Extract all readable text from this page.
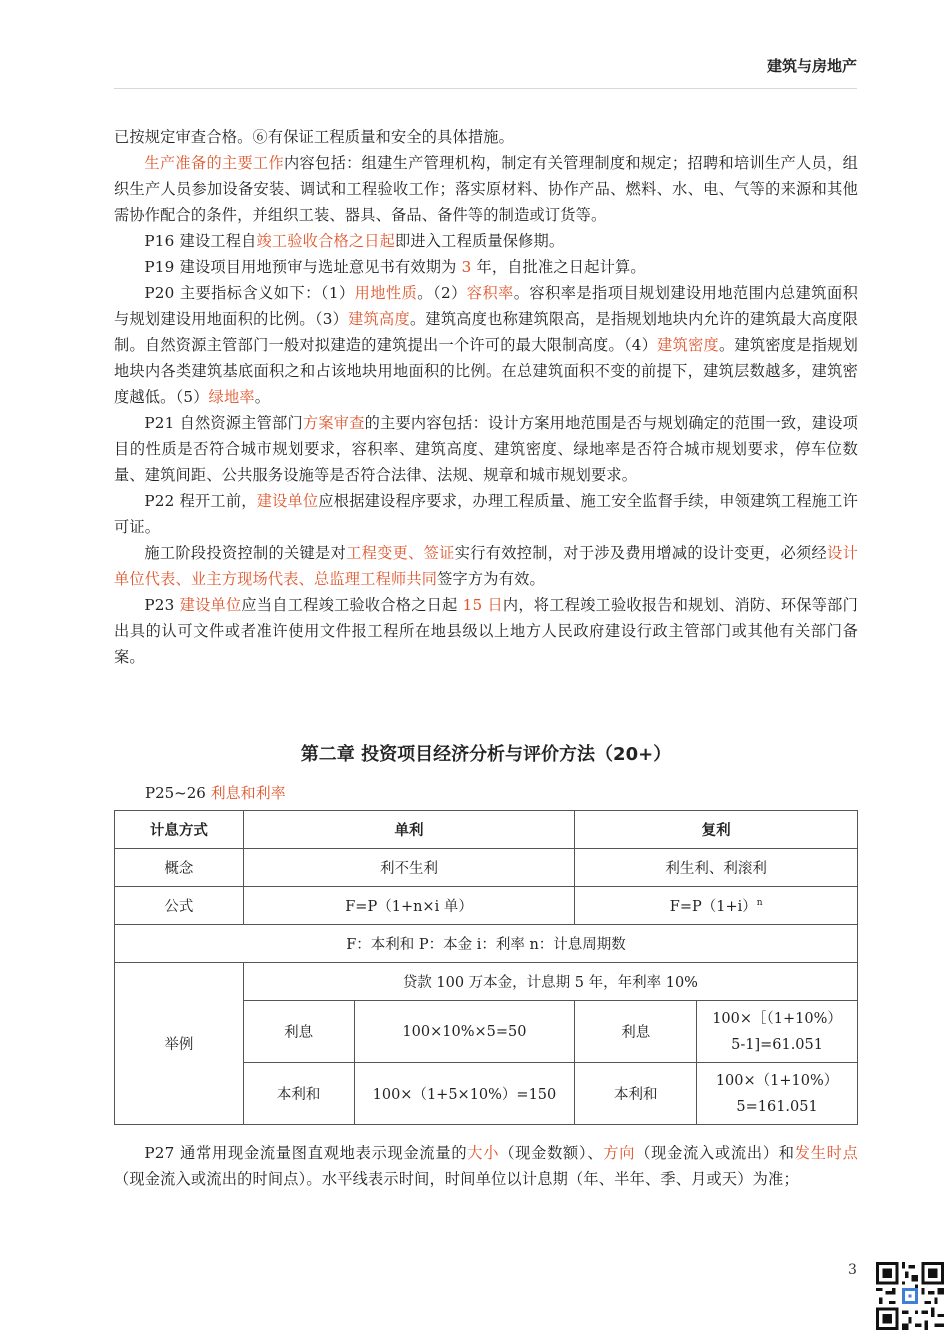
建筑与房地产

已按规定审查合格。⑥有保证工程质量和安全的具体措施。

生产准备的主要工作内容包括：组建生产管理机构，制定有关管理制度和规定；招聘和培训生产人员，组织生产人员参加设备安装、调试和工程验收工作；落实原材料、协作产品、燃料、水、电、气等的来源和其他需协作配合的条件，并组织工装、器具、备品、备件等的制造或订货等。

P16 建设工程自竣工验收合格之日起即进入工程质量保修期。

P19 建设项目用地预审与选址意见书有效期为 3 年，自批准之日起计算。

P20 主要指标含义如下：（1）用地性质。（2）容积率。容积率是指项目规划建设用地范围内总建筑面积与规划建设用地面积的比例。（3）建筑高度。建筑高度也称建筑限高，是指规划地块内允许的建筑最大高度限制。自然资源主管部门一般对拟建造的建筑提出一个许可的最大限制高度。（4）建筑密度。建筑密度是指规划地块内各类建筑基底面积之和占该地块用地面积的比例。在总建筑面积不变的前提下，建筑层数越多，建筑密度越低。（5）绿地率。

P21 自然资源主管部门方案审查的主要内容包括：设计方案用地范围是否与规划确定的范围一致，建设项目的性质是否符合城市规划要求，容积率、建筑高度、建筑密度、绿地率是否符合城市规划要求，停车位数量、建筑间距、公共服务设施等是否符合法律、法规、规章和城市规划要求。

P22 程开工前，建设单位应根据建设程序要求，办理工程质量、施工安全监督手续，申领建筑工程施工许可证。

施工阶段投资控制的关键是对工程变更、签证实行有效控制，对于涉及费用增减的设计变更，必须经设计单位代表、业主方现场代表、总监理工程师共同签字方为有效。

P23 建设单位应当自工程竣工验收合格之日起 15 日内，将工程竣工验收报告和规划、消防、环保等部门出具的认可文件或者准许使用文件报工程所在地县级以上地方人民政府建设行政主管部门或其他有关部门备案。

第二章 投资项目经济分析与评价方法（20+）
P25~26 利息和利率
计息方式	单利		复利	
概念	利不生利		利生利、利滚利	
公式	F=P（1+n×i 单）		$F=P(1+i)^n$
F：本利和 P：本金 i：利率 n：计息周期数				
举例	贷款 100 万本金，计息期 5 年，年利率 10%			
	利息	100×10%×5=50	利息	100×［（1+10%）
5-1]=61.051

	本利和	100×（1+5×10%）=150	本利和	100×（1+10%）
5=161.051

P27 通常用现金流量图直观地表示现金流量的大小（现金数额）、方向（现金流入或流出）和发生时点（现金流入或流出的时间点）。水平线表示时间，时间单位以计息期（年、半年、季、月或天）为准；

3
